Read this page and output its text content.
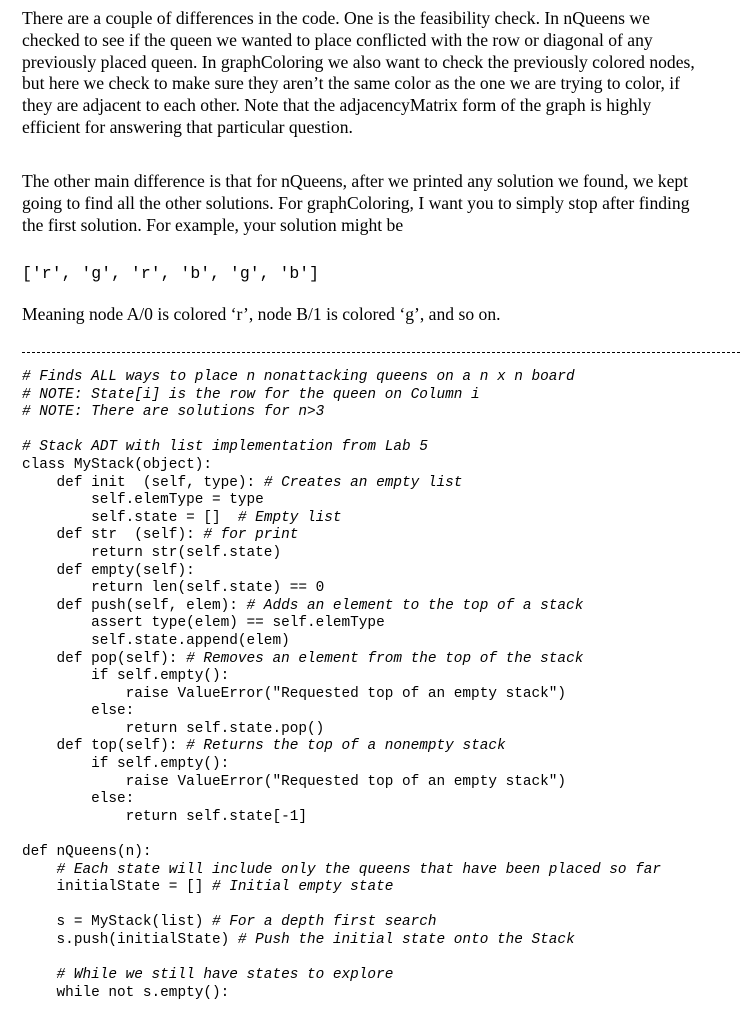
There are a couple of differences in the code. One is the feasibility check. In nQueens we
checked to see if the queen we wanted to place conflicted with the row or diagonal of any
previously placed queen. In graphColoring we also want to check the previously colored nodes,
but here we check to make sure they aren’t the same color as the one we are trying to color, if
they are adjacent to each other. Note that the adjacencyMatrix form of the graph is highly
efficient for answering that particular question.

The other main difference is that for nQueens, after we printed any solution we found, we kept
going to find all the other solutions. For graphColoring, I want you to simply stop after finding
the first solution. For example, your solution might be

['r', 'g', 'r', 'b', 'g', 'b']

Meaning node A/0 is colored ‘r’, node B/1 is colored ‘g’, and so on.

# Finds ALL ways to place n nonattacking queens on a n x n board
# NOTE: State[i] is the row for the queen on Column i
# NOTE: There are solutions for n>3
# Stack ADT with list implementation from Lab 5
class MyStack(object):
def init  (self, type): # Creates an empty list
self.elemType = type
self.state = []  # Empty list
def str  (self): # for print
return str(self.state)
def empty(self):
return len(self.state) == 0
def push(self, elem): # Adds an element to the top of a stack
assert type(elem) == self.elemType
self.state.append(elem)
def pop(self): # Removes an element from the top of the stack
if self.empty():
raise ValueError("Requested top of an empty stack")
else:
return self.state.pop()
def top(self): # Returns the top of a nonempty stack
if self.empty():
raise ValueError("Requested top of an empty stack")
else:
return self.state[-1]
def nQueens(n):
# Each state will include only the queens that have been placed so far
initialState = [] # Initial empty state
s = MyStack(list) # For a depth first search
s.push(initialState) # Push the initial state onto the Stack
# While we still have states to explore
while not s.empty():
